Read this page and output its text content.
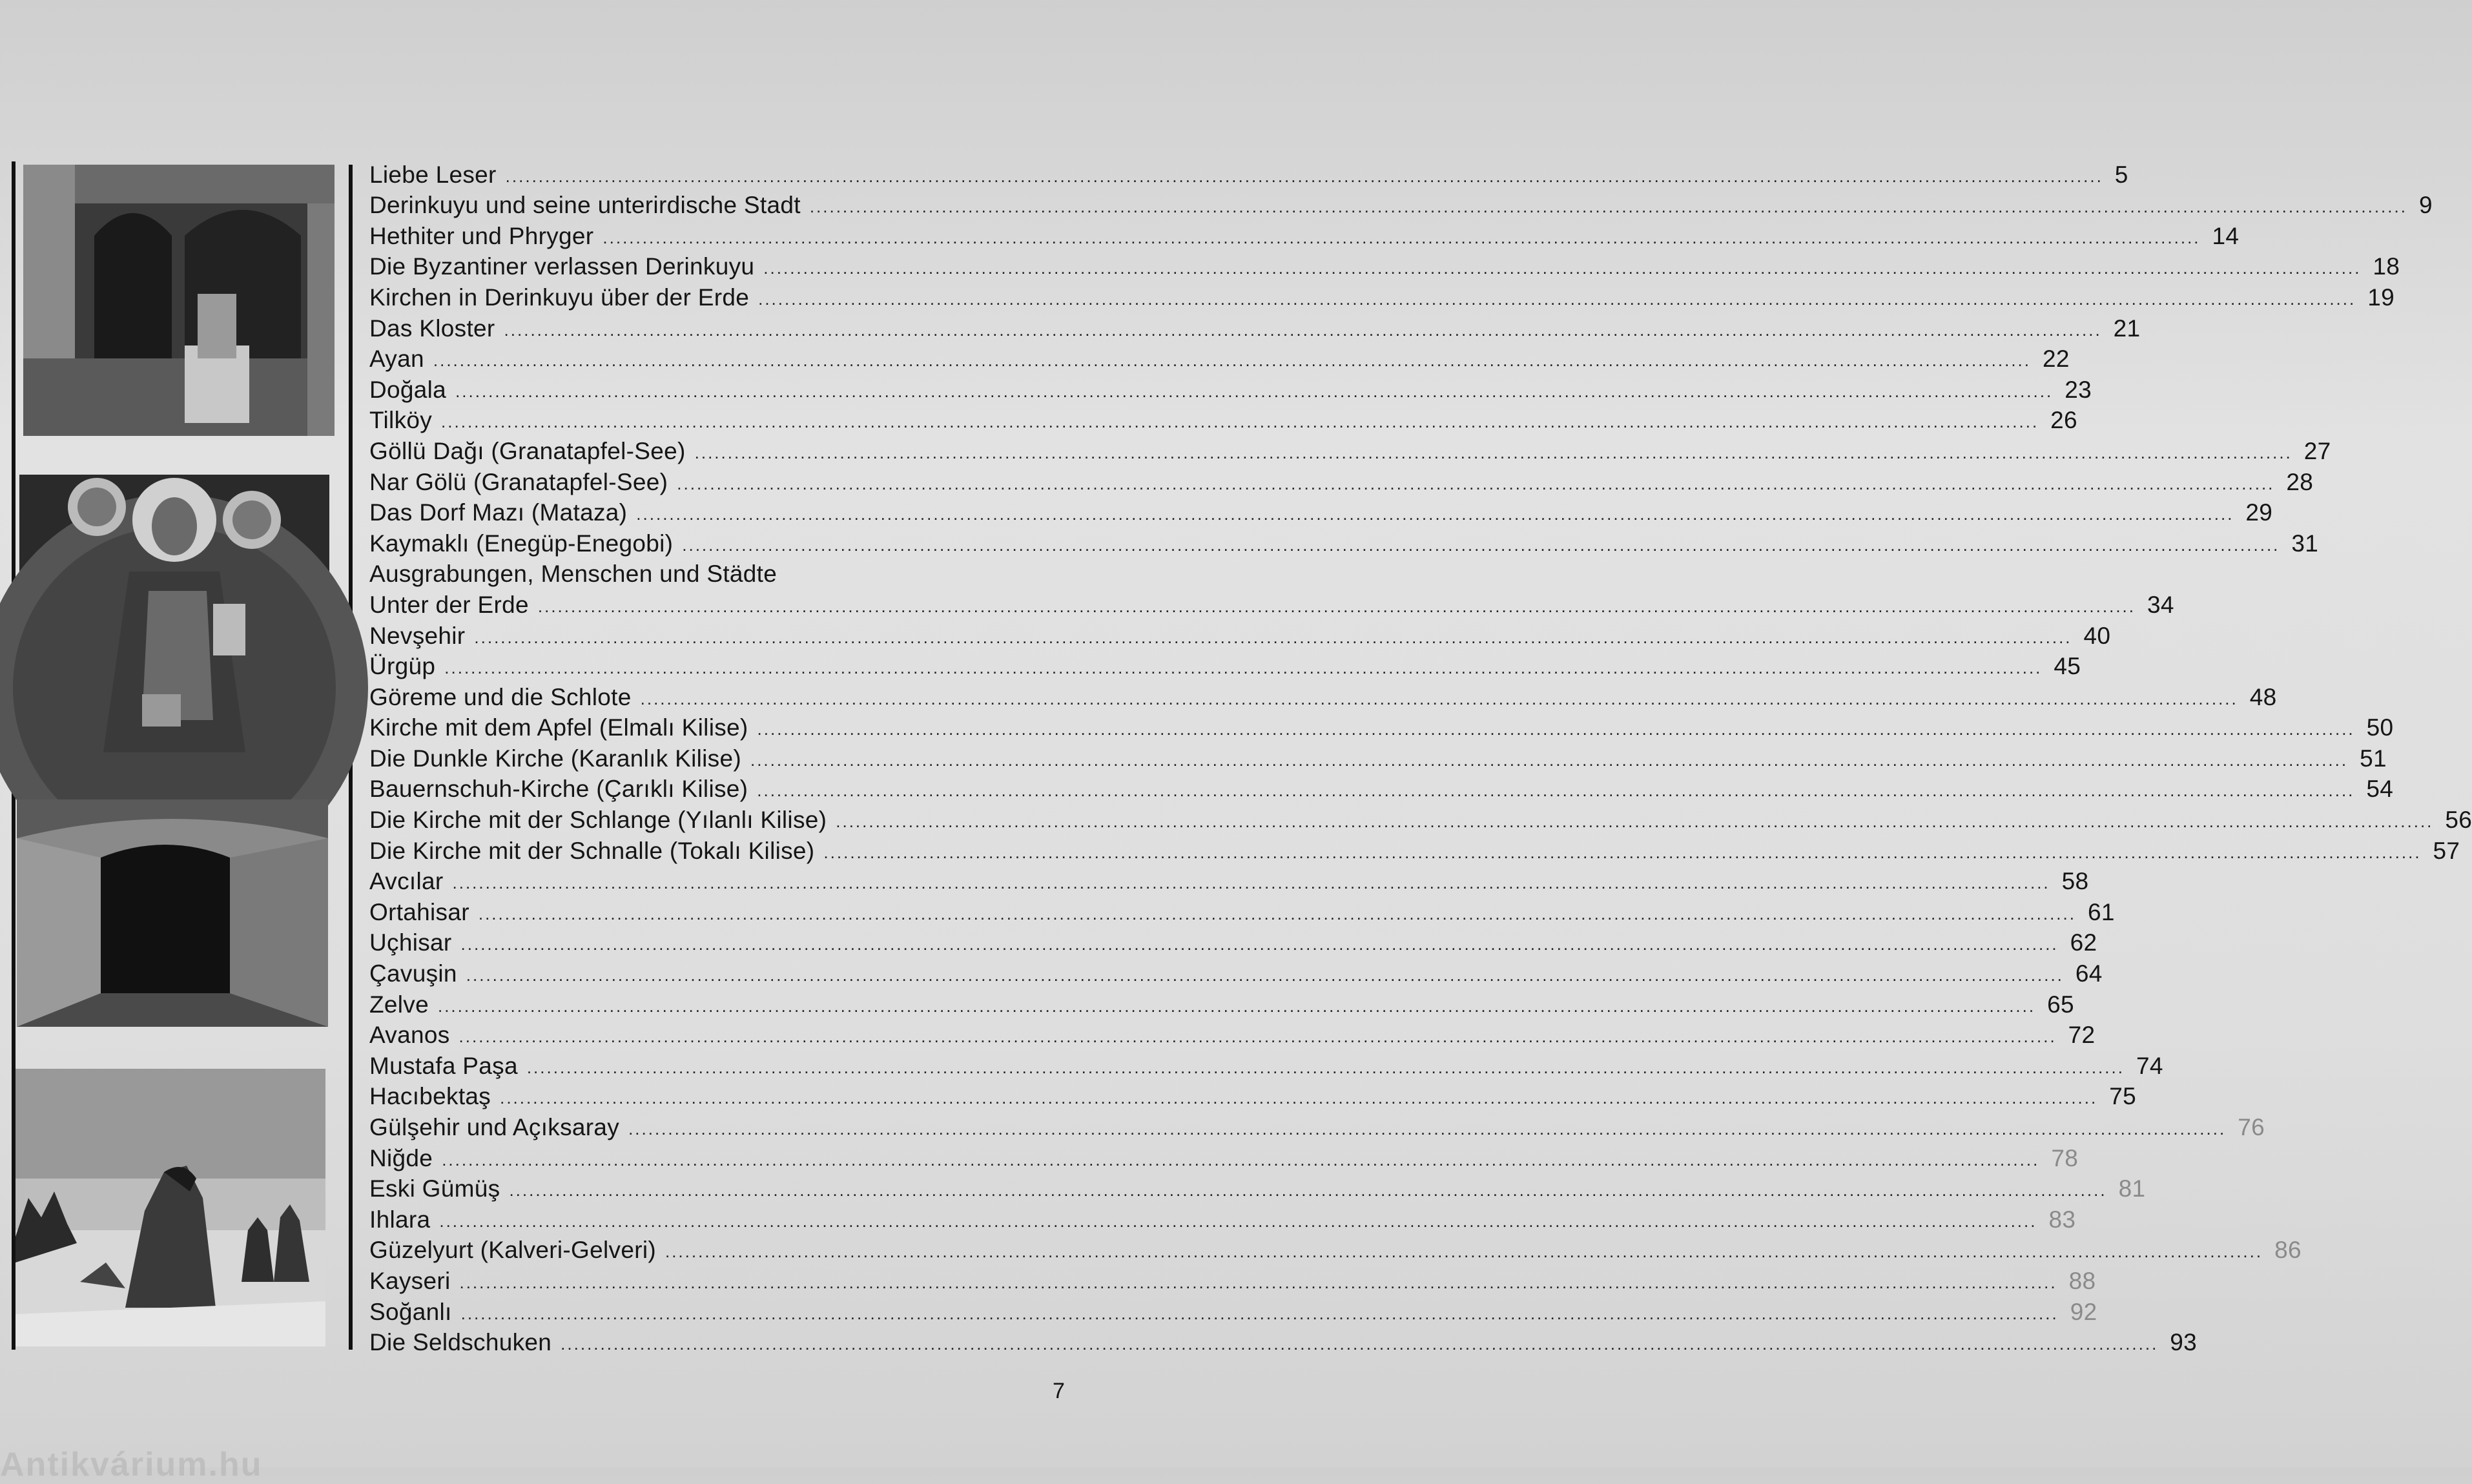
Liebe Leser .................................................................................................................................................................................................................................................. 5
Derinkuyu und seine unterirdische Stadt .................................................................................................................................................................................................................................................. 9
Hethiter und Phryger .................................................................................................................................................................................................................................................. 14
Die Byzantiner verlassen Derinkuyu .................................................................................................................................................................................................................................................. 18
Kirchen in Derinkuyu über der Erde .................................................................................................................................................................................................................................................. 19
Das Kloster .................................................................................................................................................................................................................................................. 21
Ayan .................................................................................................................................................................................................................................................. 22
Doğala .................................................................................................................................................................................................................................................. 23
Tilköy .................................................................................................................................................................................................................................................. 26
Göllü Dağı (Granatapfel-See) .................................................................................................................................................................................................................................................. 27
Nar Gölü (Granatapfel-See) .................................................................................................................................................................................................................................................. 28
Das Dorf Mazı (Mataza) .................................................................................................................................................................................................................................................. 29
Kaymaklı (Enegüp-Enegobi) .................................................................................................................................................................................................................................................. 31
Ausgrabungen, Menschen und Städte
Unter der Erde .................................................................................................................................................................................................................................................. 34
Nevşehir .................................................................................................................................................................................................................................................. 40
Ürgüp .................................................................................................................................................................................................................................................. 45
Göreme und die Schlote .................................................................................................................................................................................................................................................. 48
Kirche mit dem Apfel (Elmalı Kilise) .................................................................................................................................................................................................................................................. 50
Die Dunkle Kirche (Karanlık Kilise) .................................................................................................................................................................................................................................................. 51
Bauernschuh-Kirche (Çarıklı Kilise) .................................................................................................................................................................................................................................................. 54
Die Kirche mit der Schlange (Yılanlı Kilise) .................................................................................................................................................................................................................................................. 56
Die Kirche mit der Schnalle (Tokalı Kilise) .................................................................................................................................................................................................................................................. 57
Avcılar .................................................................................................................................................................................................................................................. 58
Ortahisar .................................................................................................................................................................................................................................................. 61
Uçhisar .................................................................................................................................................................................................................................................. 62
Çavuşin .................................................................................................................................................................................................................................................. 64
Zelve .................................................................................................................................................................................................................................................. 65
Avanos .................................................................................................................................................................................................................................................. 72
Mustafa Paşa .................................................................................................................................................................................................................................................. 74
Hacıbektaş .................................................................................................................................................................................................................................................. 75
Gülşehir und Açıksaray .................................................................................................................................................................................................................................................. 76
Niğde .................................................................................................................................................................................................................................................. 78
Eski Gümüş .................................................................................................................................................................................................................................................. 81
Ihlara .................................................................................................................................................................................................................................................. 83
Güzelyurt (Kalveri-Gelveri) .................................................................................................................................................................................................................................................. 86
Kayseri .................................................................................................................................................................................................................................................. 88
Soğanlı .................................................................................................................................................................................................................................................. 92
Die Seldschuken .................................................................................................................................................................................................................................................. 93
7
Antikvárium.hu
